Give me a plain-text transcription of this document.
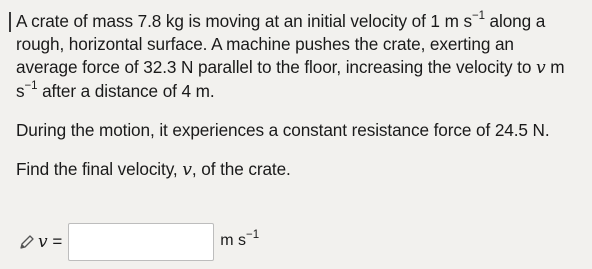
A crate of mass 7.8 kg is moving at an initial velocity of 1 m $s^{-1}$ along a rough, horizontal surface. A machine pushes the crate, exerting an average force of 32.3 N parallel to the floor, increasing the velocity to v m $s^{-1}$ after a distance of 4 m.

During the motion, it experiences a constant resistance force of 24.5 N.

Find the final velocity, v, of the crate.

v =	m $s^{-1}$
